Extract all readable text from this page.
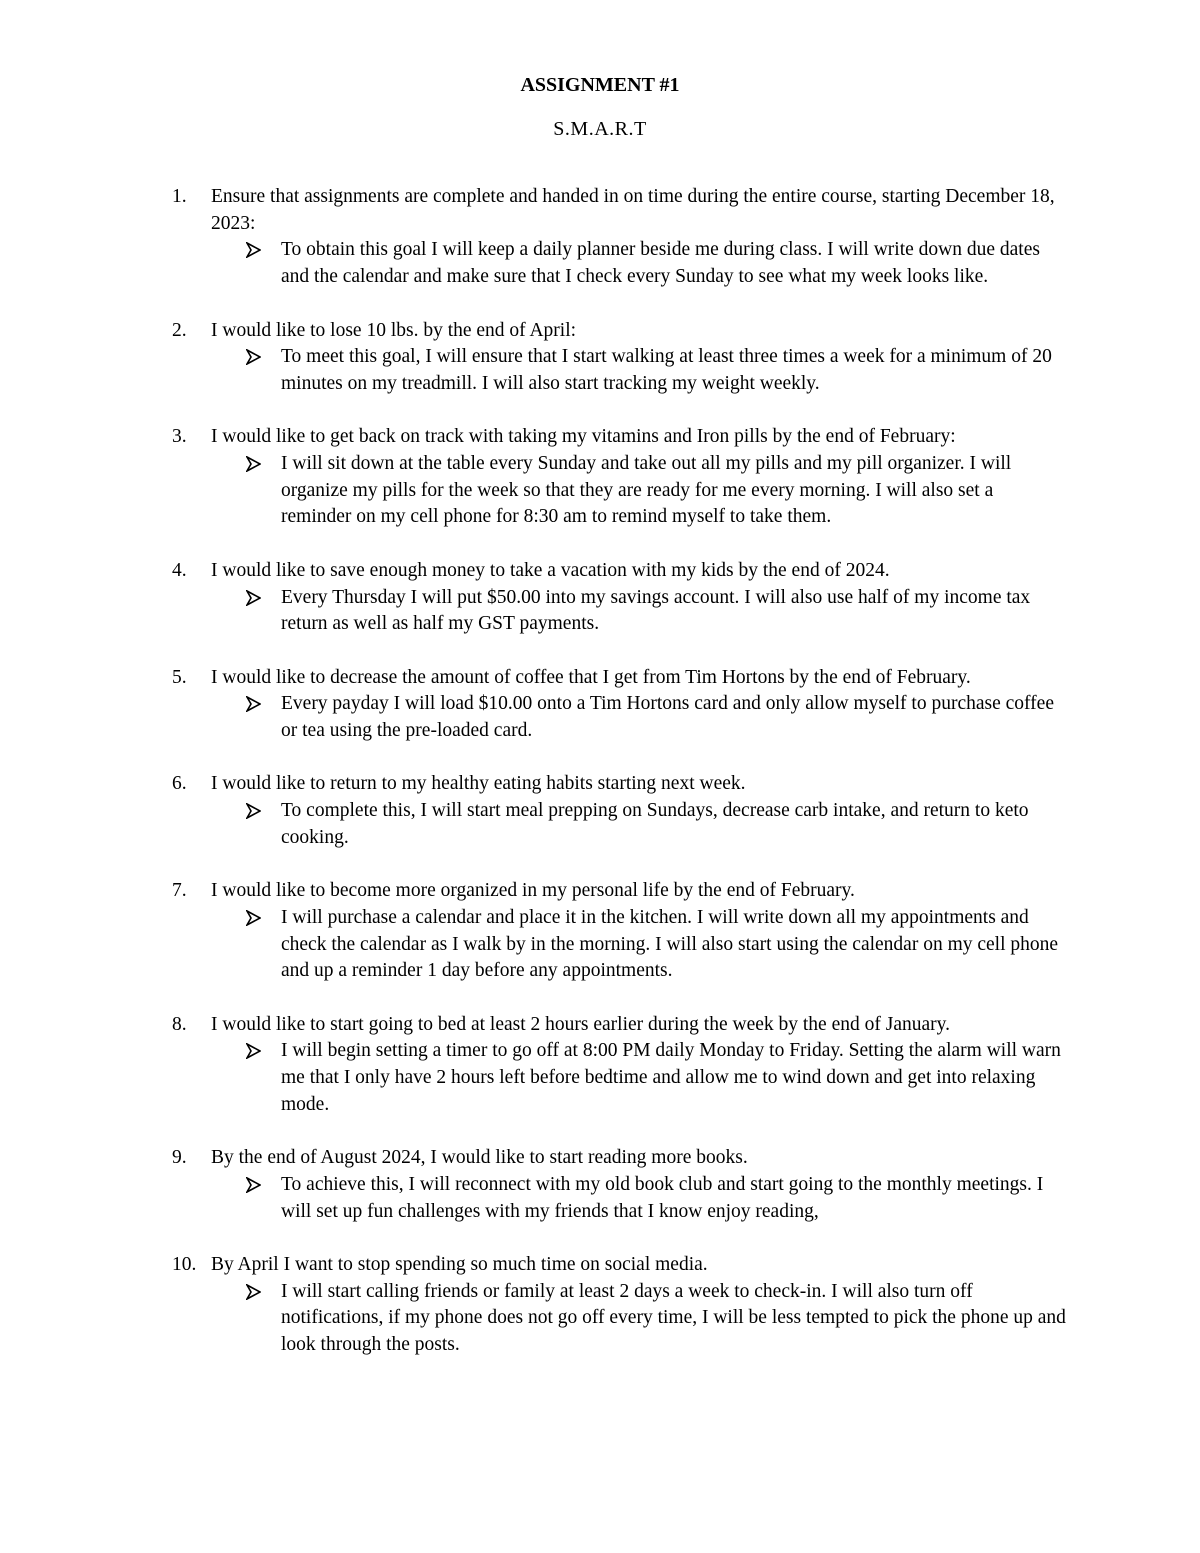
ASSIGNMENT #1
S.M.A.R.T
1.	Ensure that assignments are complete and handed in on time during the entire course, starting December 18, 2023:

To obtain this goal I will keep a daily planner beside me during class. I will write down due dates and the calendar and make sure that I check every Sunday to see what my week looks like.

2.	I would like to lose 10 lbs. by the end of April:

To meet this goal, I will ensure that I start walking at least three times a week for a minimum of 20 minutes on my treadmill. I will also start tracking my weight weekly.

3.	I would like to get back on track with taking my vitamins and Iron pills by the end of February:

I will sit down at the table every Sunday and take out all my pills and my pill organizer. I will organize my pills for the week so that they are ready for me every morning. I will also set a reminder on my cell phone for 8:30 am to remind myself to take them.

4.	I would like to save enough money to take a vacation with my kids by the end of 2024.

Every Thursday I will put $50.00 into my savings account. I will also use half of my income tax return as well as half my GST payments.

5.	I would like to decrease the amount of coffee that I get from Tim Hortons by the end of February.

Every payday I will load $10.00 onto a Tim Hortons card and only allow myself to purchase coffee or tea using the pre-loaded card.

6.	I would like to return to my healthy eating habits starting next week.

To complete this, I will start meal prepping on Sundays, decrease carb intake, and return to keto cooking.

7.	I would like to become more organized in my personal life by the end of February.

I will purchase a calendar and place it in the kitchen. I will write down all my appointments and check the calendar as I walk by in the morning. I will also start using the calendar on my cell phone and up a reminder 1 day before any appointments.

8.	I would like to start going to bed at least 2 hours earlier during the week by the end of January.

I will begin setting a timer to go off at 8:00 PM daily Monday to Friday. Setting the alarm will warn me that I only have 2 hours left before bedtime and allow me to wind down and get into relaxing mode.

9.	By the end of August 2024, I would like to start reading more books.

To achieve this, I will reconnect with my old book club and start going to the monthly meetings. I will set up fun challenges with my friends that I know enjoy reading,

10. By April I want to stop spending so much time on social media.

I will start calling friends or family at least 2 days a week to check-in. I will also turn off notifications, if my phone does not go off every time, I will be less tempted to pick the phone up and look through the posts.
